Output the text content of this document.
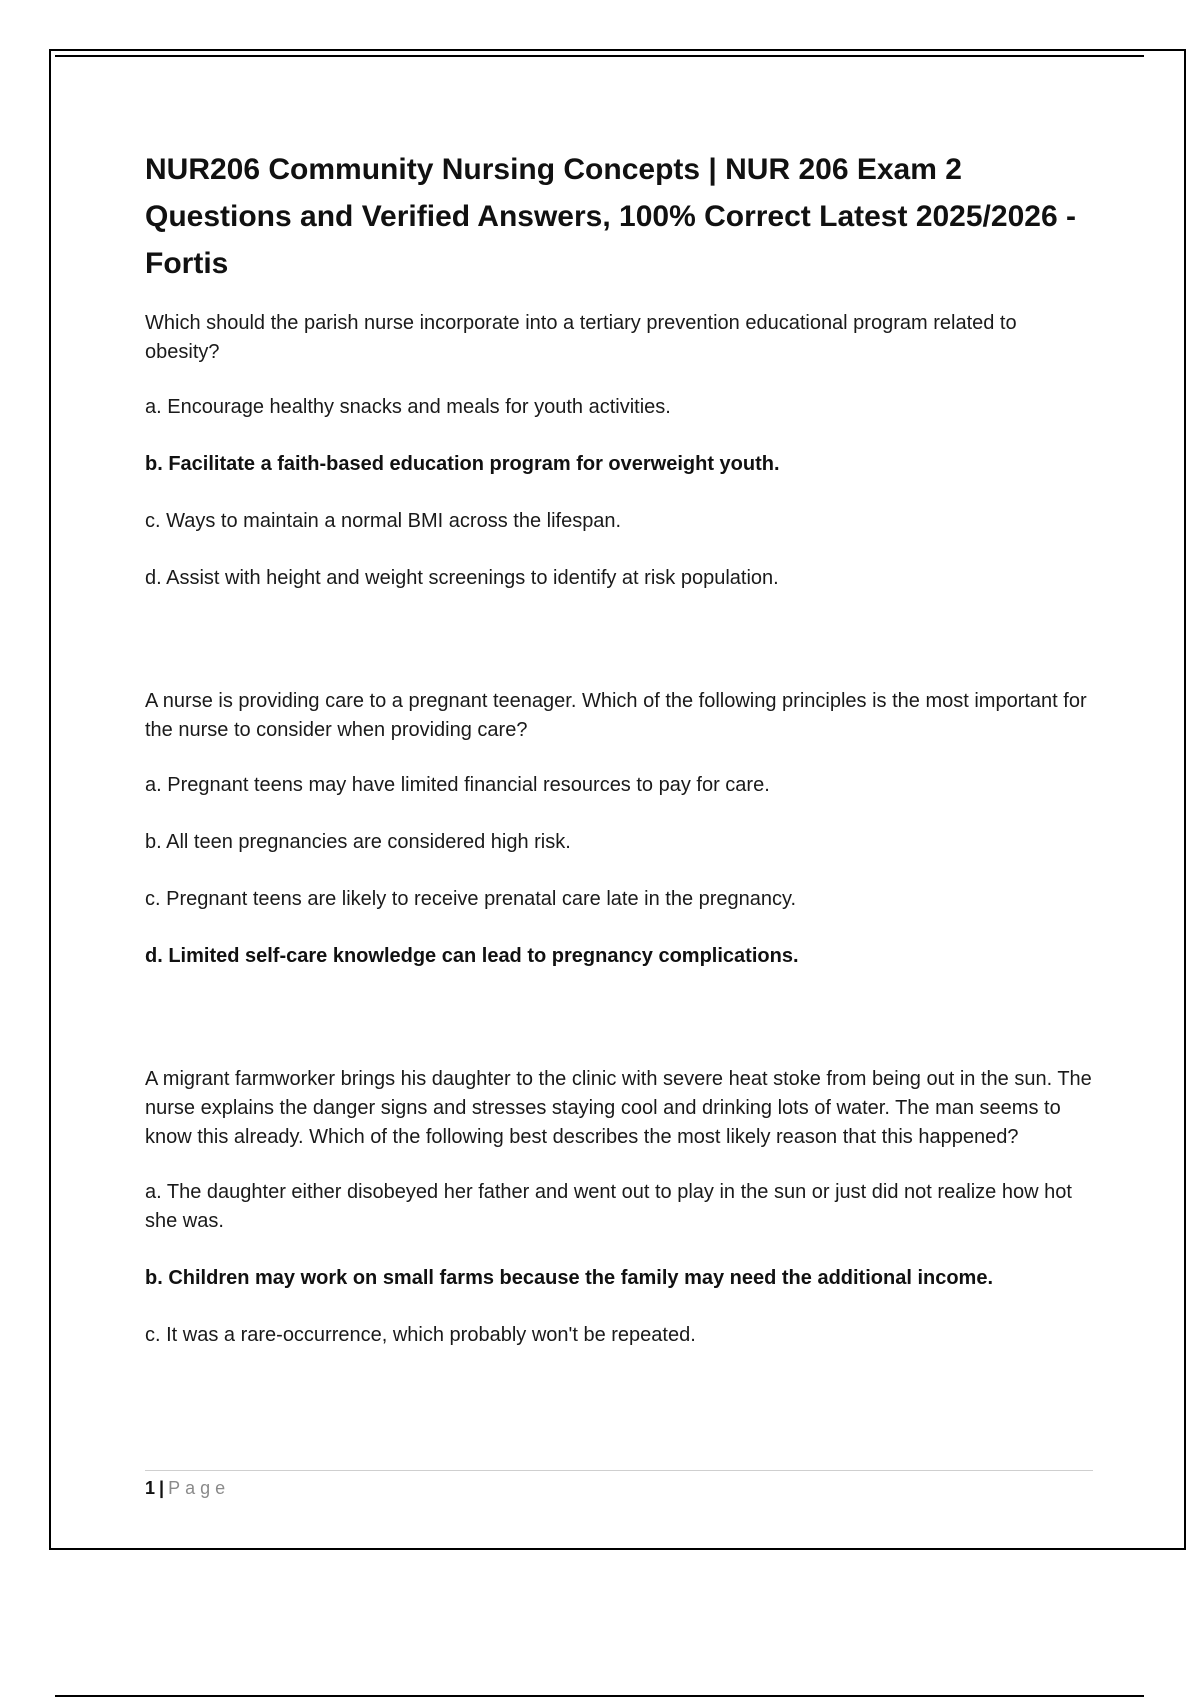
NUR206 Community Nursing Concepts | NUR 206 Exam 2 Questions and Verified Answers, 100% Correct Latest 2025/2026 -Fortis

Which should the parish nurse incorporate into a tertiary prevention educational program related to obesity?

a. Encourage healthy snacks and meals for youth activities.

b. Facilitate a faith-based education program for overweight youth.

c. Ways to maintain a normal BMI across the lifespan.

d. Assist with height and weight screenings to identify at risk population.

A nurse is providing care to a pregnant teenager. Which of the following principles is the most important for the nurse to consider when providing care?

a. Pregnant teens may have limited financial resources to pay for care.

b. All teen pregnancies are considered high risk.

c. Pregnant teens are likely to receive prenatal care late in the pregnancy.

d. Limited self-care knowledge can lead to pregnancy complications.

A migrant farmworker brings his daughter to the clinic with severe heat stoke from being out in the sun. The nurse explains the danger signs and stresses staying cool and drinking lots of water. The man seems to know this already. Which of the following best describes the most likely reason that this happened?

a. The daughter either disobeyed her father and went out to play in the sun or just did not realize how hot she was.

b. Children may work on small farms because the family may need the additional income.

c. It was a rare-occurrence, which probably won't be repeated.

1 | Page
